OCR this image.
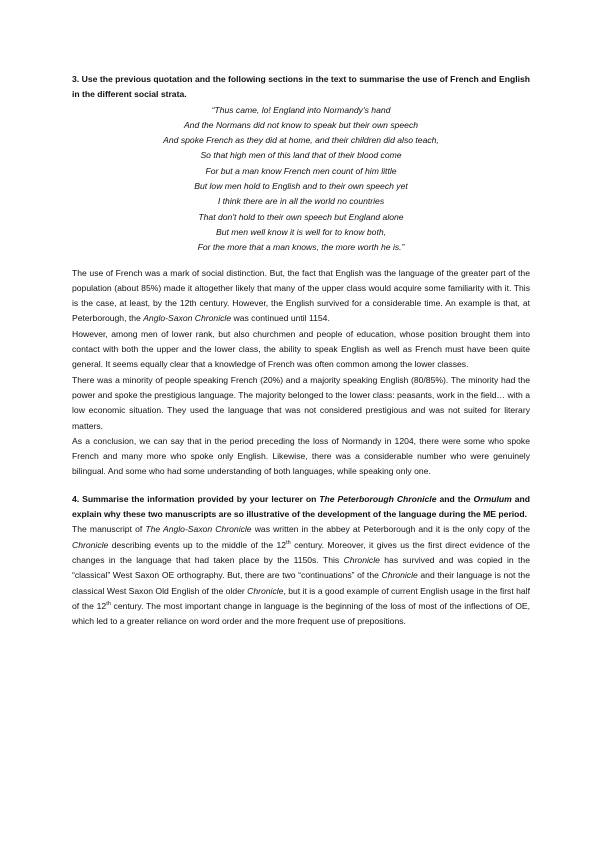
3. Use the previous quotation and the following sections in the text to summarise the use of French and English in the different social strata.

“Thus came, lo! England into Normandy's hand
And the Normans did not know to speak but their own speech
And spoke French as they did at home, and their children did also teach,
So that high men of this land that of their blood come
For but a man know French men count of him little
But low men hold to English and to their own speech yet
I think there are in all the world no countries
That don't hold to their own speech but England alone
But men well know it is well for to know both,
For the more that a man knows, the more worth he is.”

The use of French was a mark of social distinction. But, the fact that English was the language of the greater part of the population (about 85%) made it altogether likely that many of the upper class would acquire some familiarity with it. This is the case, at least, by the 12th century. However, the English survived for a considerable time. An example is that, at Peterborough, the Anglo-Saxon Chronicle was continued until 1154.

However, among men of lower rank, but also churchmen and people of education, whose position brought them into contact with both the upper and the lower class, the ability to speak English as well as French must have been quite general. It seems equally clear that a knowledge of French was often common among the lower classes.

There was a minority of people speaking French (20%) and a majority speaking English (80/85%). The minority had the power and spoke the prestigious language. The majority belonged to the lower class: peasants, work in the field… with a low economic situation. They used the language that was not considered prestigious and was not suited for literary matters.

As a conclusion, we can say that in the period preceding the loss of Normandy in 1204, there were some who spoke French and many more who spoke only English. Likewise, there was a considerable number who were genuinely bilingual. And some who had some understanding of both languages, while speaking only one.

4. Summarise the information provided by your lecturer on The Peterborough Chronicle and the Ormulum and explain why these two manuscripts are so illustrative of the development of the language during the ME period.

The manuscript of The Anglo-Saxon Chronicle was written in the abbey at Peterborough and it is the only copy of the Chronicle describing events up to the middle of the 12th century. Moreover, it gives us the first direct evidence of the changes in the language that had taken place by the 1150s. This Chronicle has survived and was copied in the “classical” West Saxon OE orthography. But, there are two “continuations” of the Chronicle and their language is not the classical West Saxon Old English of the older Chronicle, but it is a good example of current English usage in the first half of the 12th century. The most important change in language is the beginning of the loss of most of the inflections of OE, which led to a greater reliance on word order and the more frequent use of prepositions.
